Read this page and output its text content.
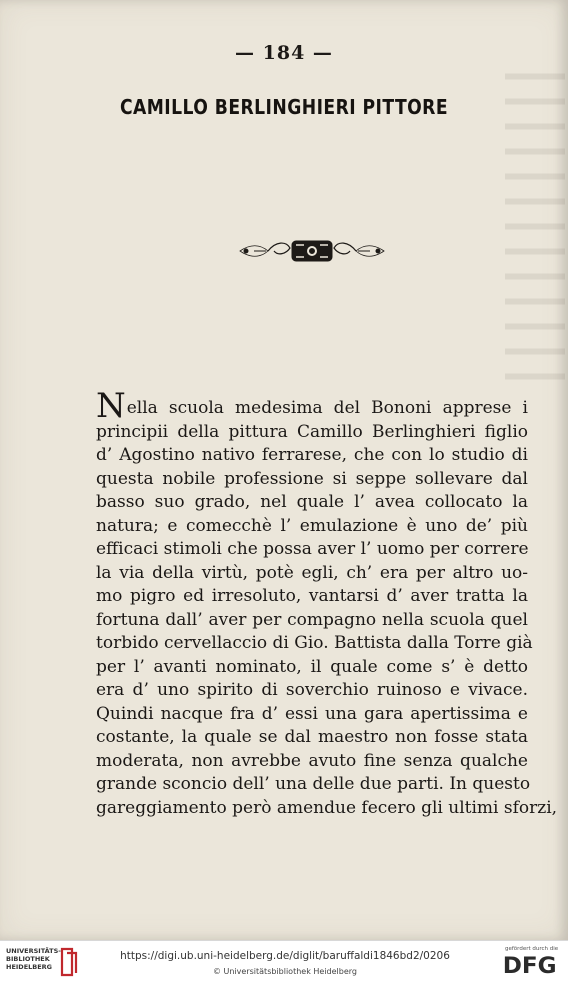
— 184 —
CAMILLO BERLINGHIERI PITTORE
Nella scuola medesima del Bononi apprese i
principii della pittura Camillo Berlinghieri figlio
d’ Agostino nativo ferrarese, che con lo studio di
questa nobile professione si seppe sollevare dal
basso suo grado, nel quale l’ avea collocato la
natura; e comecchè l’ emulazione è uno de’ più
efficaci stimoli che possa aver l’ uomo per correre
la via della virtù, potè egli, ch’ era per altro uo-
mo pigro ed irresoluto, vantarsi d’ aver tratta la
fortuna dall’ aver per compagno nella scuola quel
torbido cervellaccio di Gio. Battista dalla Torre già
per l’ avanti nominato, il quale come s’ è detto
era d’ uno spirito di soverchio ruinoso e vivace.
Quindi nacque fra d’ essi una gara apertissima e
costante, la quale se dal maestro non fosse stata
moderata, non avrebbe avuto fine senza qualche
grande sconcio dell’ una delle due parti. In questo
gareggiamento però amendue fecero gli ultimi sforzi,
UNIVERSITÄTS-
BIBLIOTHEK
HEIDELBERG
https://digi.ub.uni-heidelberg.de/diglit/baruffaldi1846bd2/0206
© Universitätsbibliothek Heidelberg
gefördert durch die
DFG
